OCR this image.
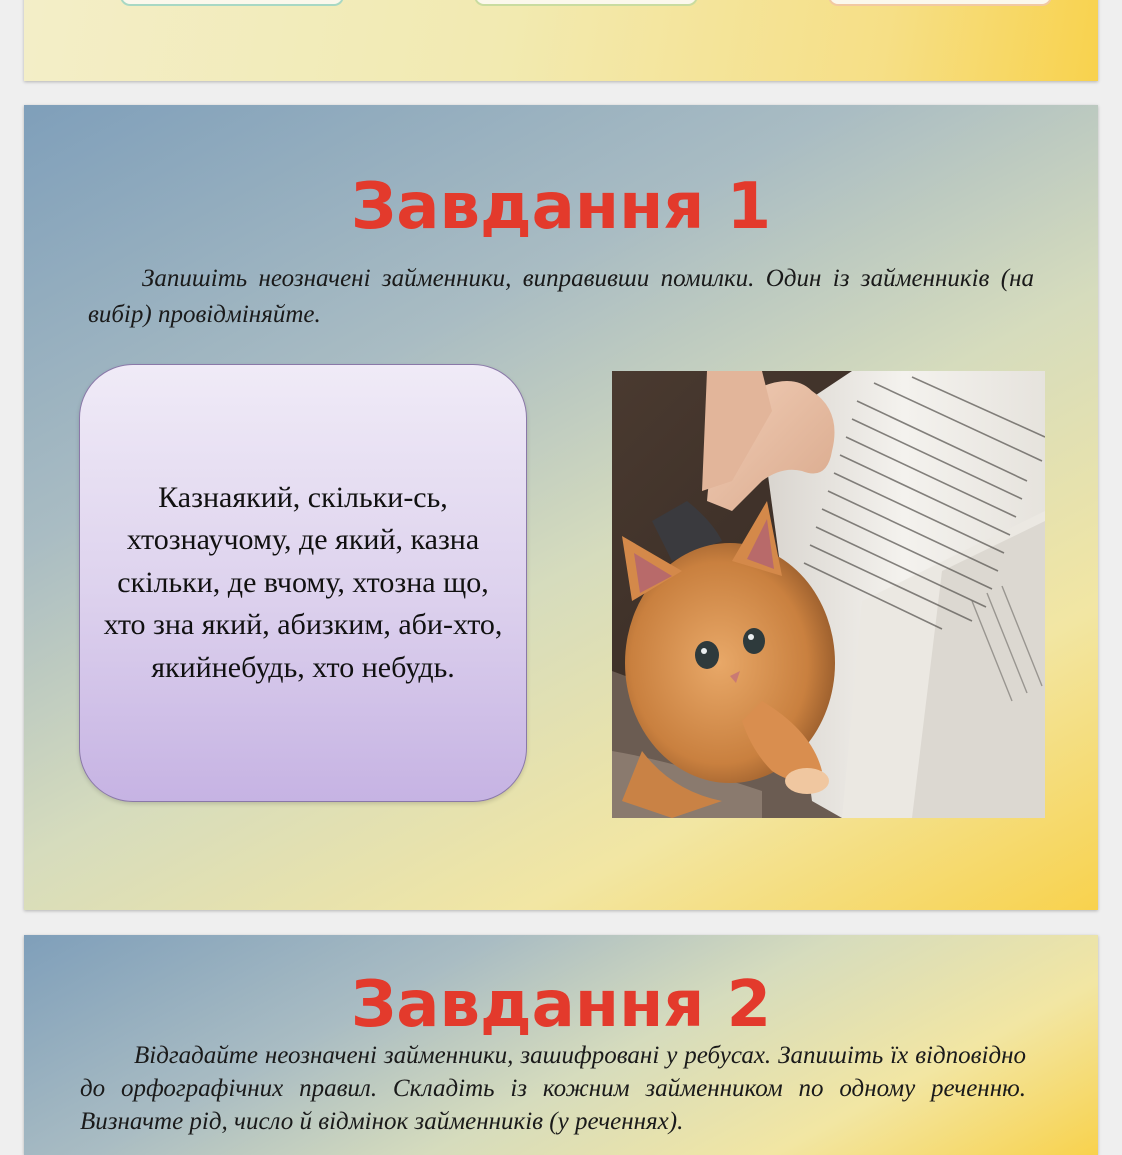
Завдання 1

Запишіть неозначені займенники, виправивши помилки. Один із займенників (на вибір) провідміняйте.

Казнаякий, скільки-сь, хтознаучому, де який, казна скільки, де вчому, хтозна що, хто зна який, абизким, аби-хто, якийнебудь, хто небудь.

Завдання 2

Відгадайте неозначені займенники, зашифровані у ребусах. Запишіть їх відповідно до орфографічних правил. Складіть із кожним займенником по одному реченню. Визначте рід, число й відмінок займенників (у реченнях).
